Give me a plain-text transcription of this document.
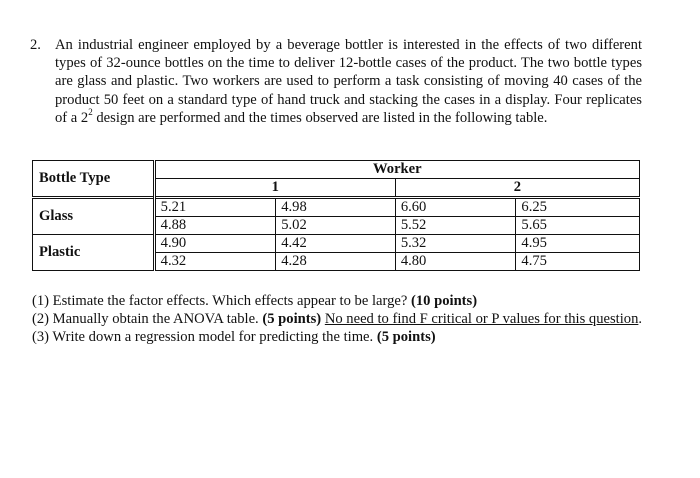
2. An industrial engineer employed by a beverage bottler is interested in the effects of two different types of 32-ounce bottles on the time to deliver 12-bottle cases of the product. The two bottle types are glass and plastic. Two workers are used to perform a task consisting of moving 40 cases of the product 50 feet on a standard type of hand truck and stacking the cases in a display. Four replicates of a $2^2$ design are performed and the times observed are listed in the following table.
Bottle Type	Worker			
	1		2	
Glass	5.21	4.98	6.60	6.25
	4.88	5.02	5.52	5.65
Plastic	4.90	4.42	5.32	4.95
	4.32	4.28	4.80	4.75

(1) Estimate the factor effects. Which effects appear to be large? (10 points)

(2) Manually obtain the ANOVA table. (5 points) No need to find F critical or P values for this question.

(3) Write down a regression model for predicting the time. (5 points)
